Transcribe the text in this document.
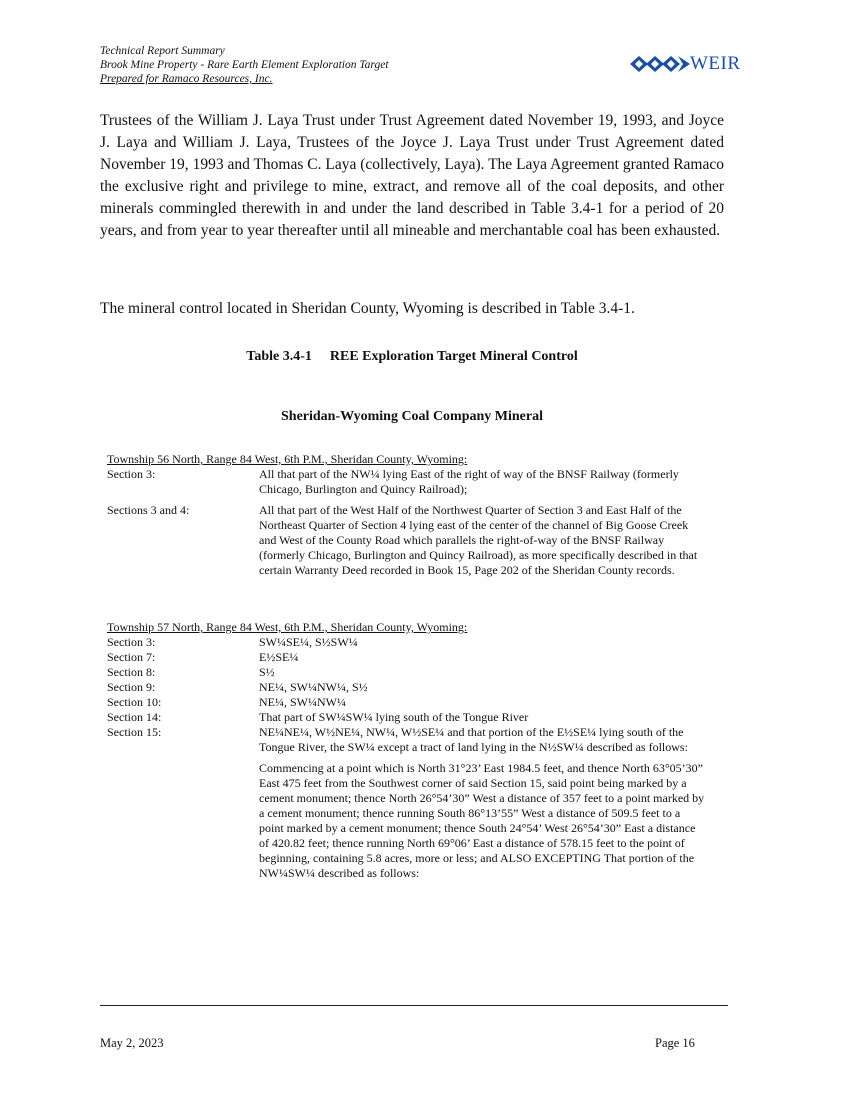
Technical Report Summary
Brook Mine Property - Rare Earth Element Exploration Target
Prepared for Ramaco Resources, Inc.
WEIR
Trustees of the William J. Laya Trust under Trust Agreement dated November 19, 1993, and Joyce J. Laya and William J. Laya, Trustees of the Joyce J. Laya Trust under Trust Agreement dated November 19, 1993 and Thomas C. Laya (collectively, Laya). The Laya Agreement granted Ramaco the exclusive right and privilege to mine, extract, and remove all of the coal deposits, and other minerals commingled therewith in and under the land described in Table 3.4-1 for a period of 20 years, and from year to year thereafter until all mineable and merchantable coal has been exhausted.
The mineral control located in Sheridan County, Wyoming is described in Table 3.4-1.
Table 3.4-1 REE Exploration Target Mineral Control
Sheridan-Wyoming Coal Company Mineral
Township 56 North, Range 84 West, 6th P.M., Sheridan County, Wyoming:
Section 3:	All that part of the NW¼ lying East of the right of way of the BNSF Railway (formerly Chicago, Burlington and Quincy Railroad);
Sections 3 and 4:	All that part of the West Half of the Northwest Quarter of Section 3 and East Half of the Northeast Quarter of Section 4 lying east of the center of the channel of Big Goose Creek and West of the County Road which parallels the right-of-way of the BNSF Railway (formerly Chicago, Burlington and Quincy Railroad), as more specifically described in that certain Warranty Deed recorded in Book 15, Page 202 of the Sheridan County records.
Township 57 North, Range 84 West, 6th P.M., Sheridan County, Wyoming:
Section 3:	SW¼SE¼, S½SW¼
Section 7:	E½SE¼
Section 8:	S½
Section 9:	NE¼, SW¼NW¼, S½
Section 10:	NE¼, SW¼NW¼
Section 14:	That part of SW¼SW¼ lying south of the Tongue River
Section 15:	NE¼NE¼, W½NE¼, NW¼, W½SE¼ and that portion of the E½SE¼ lying south of the Tongue River, the SW¼ except a tract of land lying in the N½SW¼ described as follows:
Commencing at a point which is North 31°23’ East 1984.5 feet, and thence North 63°05’30” East 475 feet from the Southwest corner of said Section 15, said point being marked by a cement monument; thence North 26°54’30” West a distance of 357 feet to a point marked by a cement monument; thence running South 86°13’55” West a distance of 509.5 feet to a point marked by a cement monument; thence South 24°54’ West 26°54’30” East a distance of 420.82 feet; thence running North 69°06’ East a distance of 578.15 feet to the point of beginning, containing 5.8 acres, more or less; and ALSO EXCEPTING That portion of the NW¼SW¼ described as follows:
May 2, 2023	Page 16
